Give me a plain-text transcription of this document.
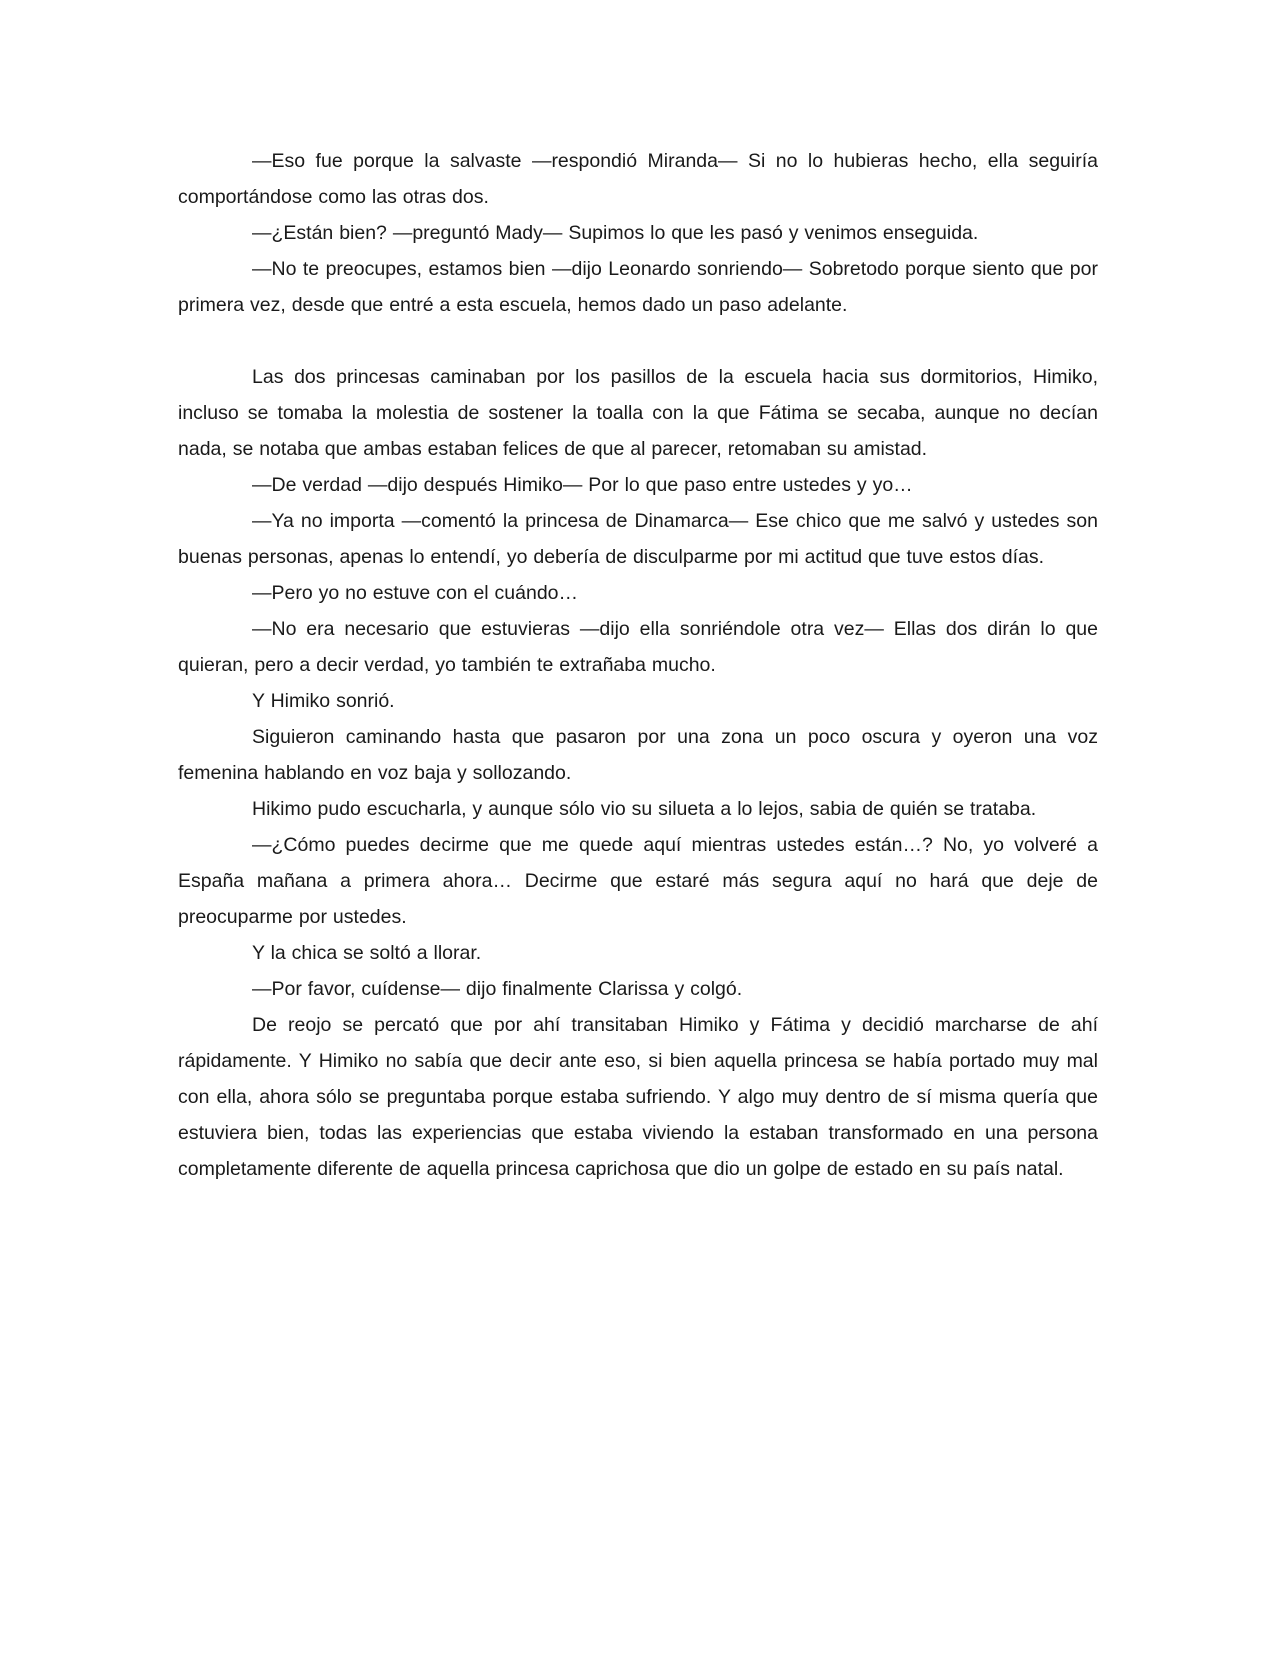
—Eso fue porque la salvaste —respondió Miranda— Si no lo hubieras hecho, ella seguiría comportándose como las otras dos.

—¿Están bien? —preguntó Mady— Supimos lo que les pasó y venimos enseguida.

—No te preocupes, estamos bien —dijo Leonardo sonriendo— Sobretodo porque siento que por primera vez, desde que entré a esta escuela, hemos dado un paso adelante.

Las dos princesas caminaban por los pasillos de la escuela hacia sus dormitorios, Himiko, incluso se tomaba la molestia de sostener la toalla con la que Fátima se secaba, aunque no decían nada, se notaba que ambas estaban felices de que al parecer, retomaban su amistad.

—De verdad —dijo después Himiko— Por lo que paso entre ustedes y yo…

—Ya no importa —comentó la princesa de Dinamarca— Ese chico que me salvó y ustedes son buenas personas, apenas lo entendí, yo debería de disculparme por mi actitud que tuve estos días.

—Pero yo no estuve con el cuándo…

—No era necesario que estuvieras —dijo ella sonriéndole otra vez— Ellas dos dirán lo que quieran, pero a decir verdad, yo también te extrañaba mucho.

Y Himiko sonrió.

Siguieron caminando hasta que pasaron por una zona un poco oscura y oyeron una voz femenina hablando en voz baja y sollozando.

Hikimo pudo escucharla, y aunque sólo vio su silueta a lo lejos, sabia de quién se trataba.

—¿Cómo puedes decirme que me quede aquí mientras ustedes están…? No, yo volveré a España mañana a primera ahora… Decirme que estaré más segura aquí no hará que deje de preocuparme por ustedes.

Y la chica se soltó a llorar.

—Por favor, cuídense— dijo finalmente Clarissa y colgó.

De reojo se percató que por ahí transitaban Himiko y Fátima y decidió marcharse de ahí rápidamente. Y Himiko no sabía que decir ante eso, si bien aquella princesa se había portado muy mal con ella, ahora sólo se preguntaba porque estaba sufriendo. Y algo muy dentro de sí misma quería que estuviera bien, todas las experiencias que estaba viviendo la estaban transformado en una persona completamente diferente de aquella princesa caprichosa que dio un golpe de estado en su país natal.
